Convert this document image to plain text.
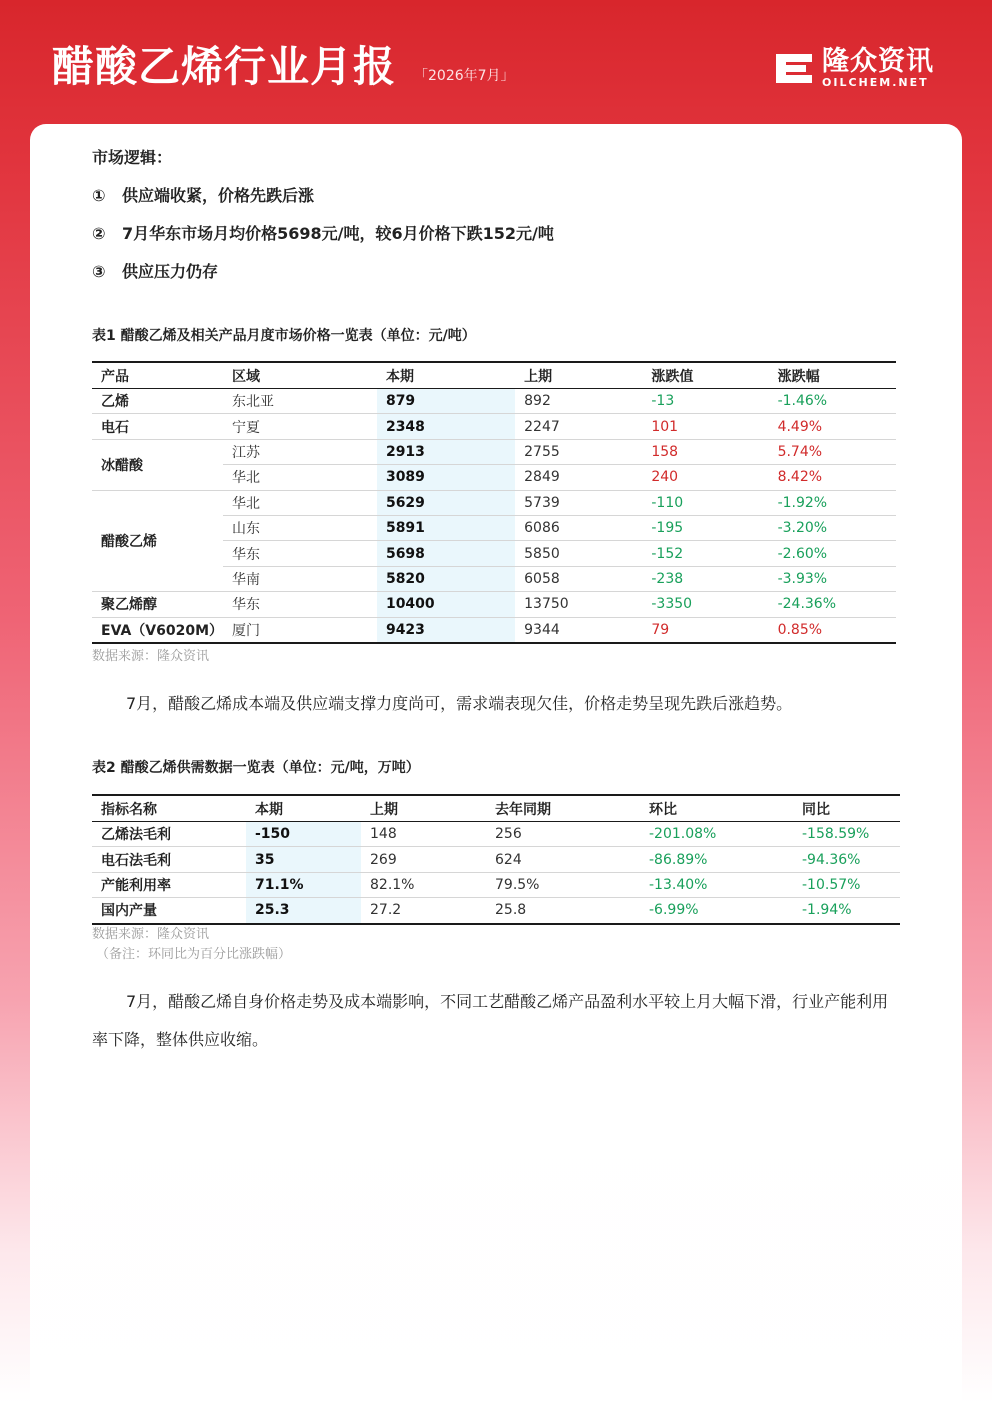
醋酸乙烯行业月报 「2026年7月」	隆众资讯
OILCHEM.NET
市场逻辑：
① 供应端收紧，价格先跌后涨
② 7月华东市场月均价格5698元/吨，较6月价格下跌152元/吨
③ 供应压力仍存
表1 醋酸乙烯及相关产品月度市场价格一览表（单位：元/吨）
产品	区域	本期	上期	涨跌值	涨跌幅
乙烯	东北亚	879	892	-13	-1.46%
电石	宁夏	2348	2247	101	4.49%
冰醋酸	江苏	2913	2755	158	5.74%
	华北	3089	2849	240	8.42%
醋酸乙烯	华北	5629	5739	-110	-1.92%
	山东	5891	6086	-195	-3.20%
	华东	5698	5850	-152	-2.60%
	华南	5820	6058	-238	-3.93%
聚乙烯醇	华东	10400	13750	-3350	-24.36%
EVA（V6020M）	厦门	9423	9344	79	0.85%
数据来源：隆众资讯

7月，醋酸乙烯成本端及供应端支撑力度尚可，需求端表现欠佳，价格走势呈现先跌后涨趋势。

表2 醋酸乙烯供需数据一览表（单位：元/吨，万吨）
指标名称	本期	上期	去年同期	环比	同比
乙烯法毛利	-150	148	256	-201.08%	-158.59%
电石法毛利	35	269	624	-86.89%	-94.36%
产能利用率	71.1%	82.1%	79.5%	-13.40%	-10.57%
国内产量	25.3	27.2	25.8	-6.99%	-1.94%
数据来源：隆众资讯
（备注：环同比为百分比涨跌幅）

7月，醋酸乙烯自身价格走势及成本端影响，不同工艺醋酸乙烯产品盈利水平较上月大幅下滑，行业产能利用率下降，整体供应收缩。
